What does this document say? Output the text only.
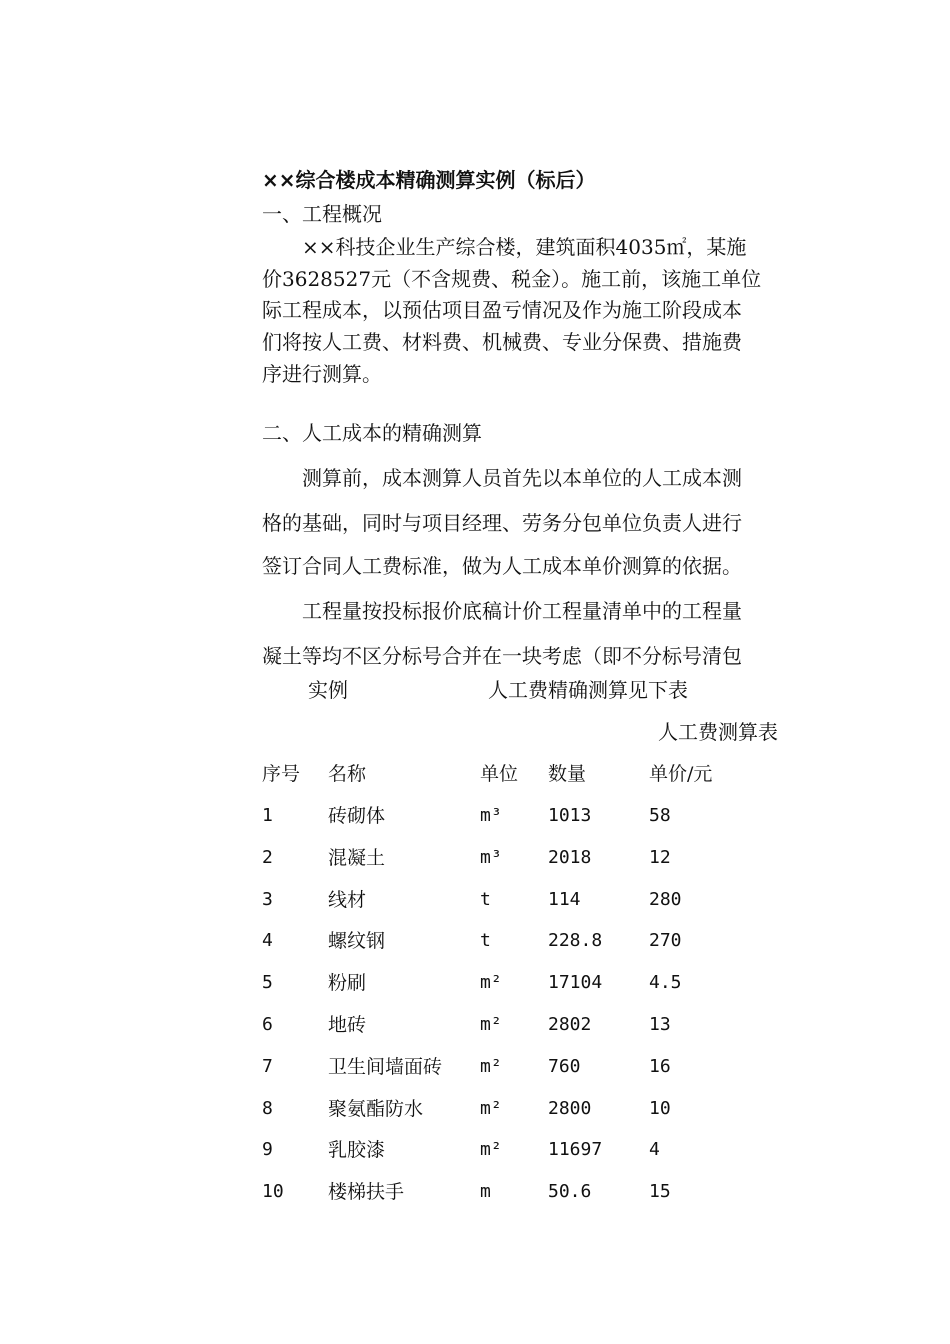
××综合楼成本精确测算实例（标后）
一、工程概况
　　××科技企业生产综合楼，建筑面积4035㎡，某施
价3628527元（不含规费、税金）。施工前，该施工单位
际工程成本，以预估项目盈亏情况及作为施工阶段成本
们将按人工费、材料费、机械费、专业分保费、措施费
序进行测算。
二、人工成本的精确测算
　　测算前，成本测算人员首先以本单位的人工成本测
格的基础，同时与项目经理、劳务分包单位负责人进行
签订合同人工费标准，做为人工成本单价测算的依据。
　　工程量按投标报价底稿计价工程量清单中的工程量
凝土等均不区分标号合并在一块考虑（即不分标号清包
实例	人工费精确测算见下表
人工费测算表
序号 名称	单位 数量	单价/元
1	砖砌体	m³	1013	58
2	混凝土	m³	2018	12
3	线材	t	114	280
4	螺纹钢	t	228.8	270
5	粉刷	m²	17104	4.5
6	地砖	m²	2802	13
7	卫生间墙面砖 m²	760	16
8	聚氨酯防水	m²	2800	10
9	乳胶漆	m²	11697	4
10 楼梯扶手	m	50.6	15
